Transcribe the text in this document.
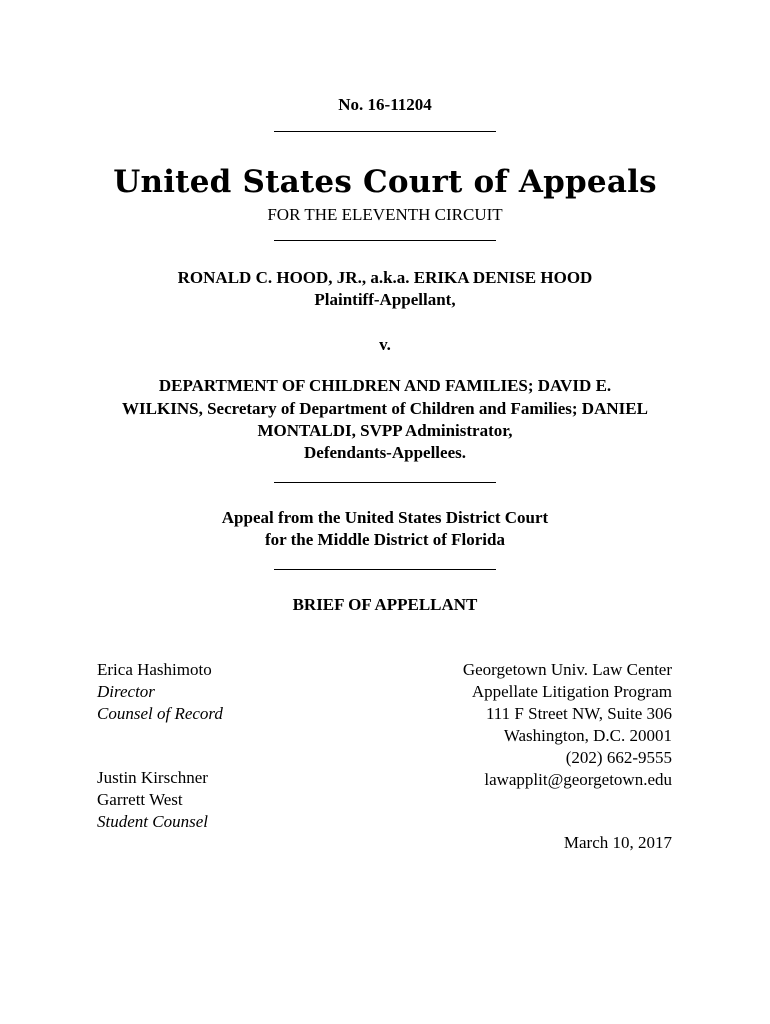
No. 16-11204
United States Court of Appeals
FOR THE ELEVENTH CIRCUIT
RONALD C. HOOD, JR., a.k.a. ERIKA DENISE HOOD
Plaintiff-Appellant,
v.
DEPARTMENT OF CHILDREN AND FAMILIES; DAVID E.
WILKINS, Secretary of Department of Children and Families; DANIEL
MONTALDI, SVPP Administrator,
Defendants-Appellees.
Appeal from the United States District Court
for the Middle District of Florida
BRIEF OF APPELLANT
Erica Hashimoto
Director
Counsel of Record
Justin Kirschner
Garrett West
Student Counsel
Georgetown Univ. Law Center
Appellate Litigation Program
111 F Street NW, Suite 306
Washington, D.C. 20001
(202) 662-9555
lawapplit@georgetown.edu
March 10, 2017
